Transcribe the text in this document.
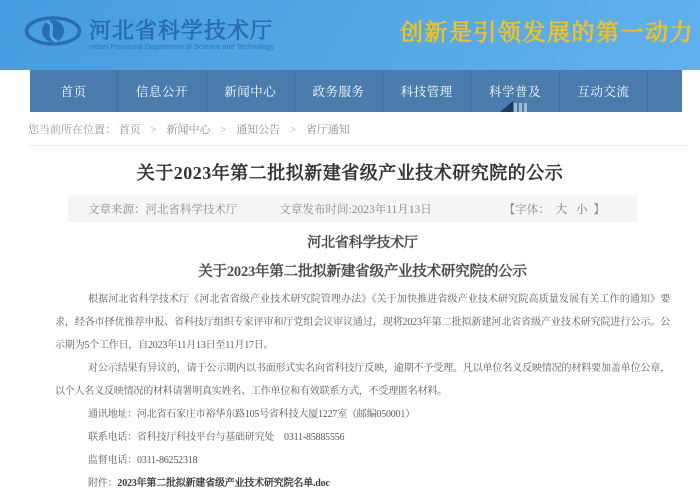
河北省科学技术厅
Hebei Provincial Department of Science and Technology
创新是引领发展的第一动力
首页	信息公开	新闻中心	政务服务	科技管理	科学普及	互动交流
您当前所在位置： 首页 > 新闻中心 > 通知公告 > 省厅通知
关于2023年第二批拟新建省级产业技术研究院的公示
文章来源：河北省科学技术厅	文章发布时间:2023年11月13日	【字体： 大 小 】
河北省科学技术厅
关于2023年第二批拟新建省级产业技术研究院的公示

根据河北省科学技术厅《河北省省级产业技术研究院管理办法》《关于加快推进省级产业技术研究院高质量发展有关工作的通知》要求，经各市择优推荐申报、省科技厅组织专家评审和厅党组会议审议通过，现将2023年第二批拟新建河北省省级产业技术研究院进行公示。公示期为5个工作日，自2023年11月13日至11月17日。

对公示结果有异议的，请于公示期内以书面形式实名向省科技厅反映，逾期不予受理。凡以单位名义反映情况的材料要加盖单位公章，以个人名义反映情况的材料请署明真实姓名、工作单位和有效联系方式，不受理匿名材料。

通讯地址：河北省石家庄市裕华东路105号省科技大厦1227室（邮编050001）

联系电话：省科技厅科技平台与基础研究处　0311-85885556

监督电话：0311-86252318

附件：2023年第二批拟新建省级产业技术研究院名单.doc
